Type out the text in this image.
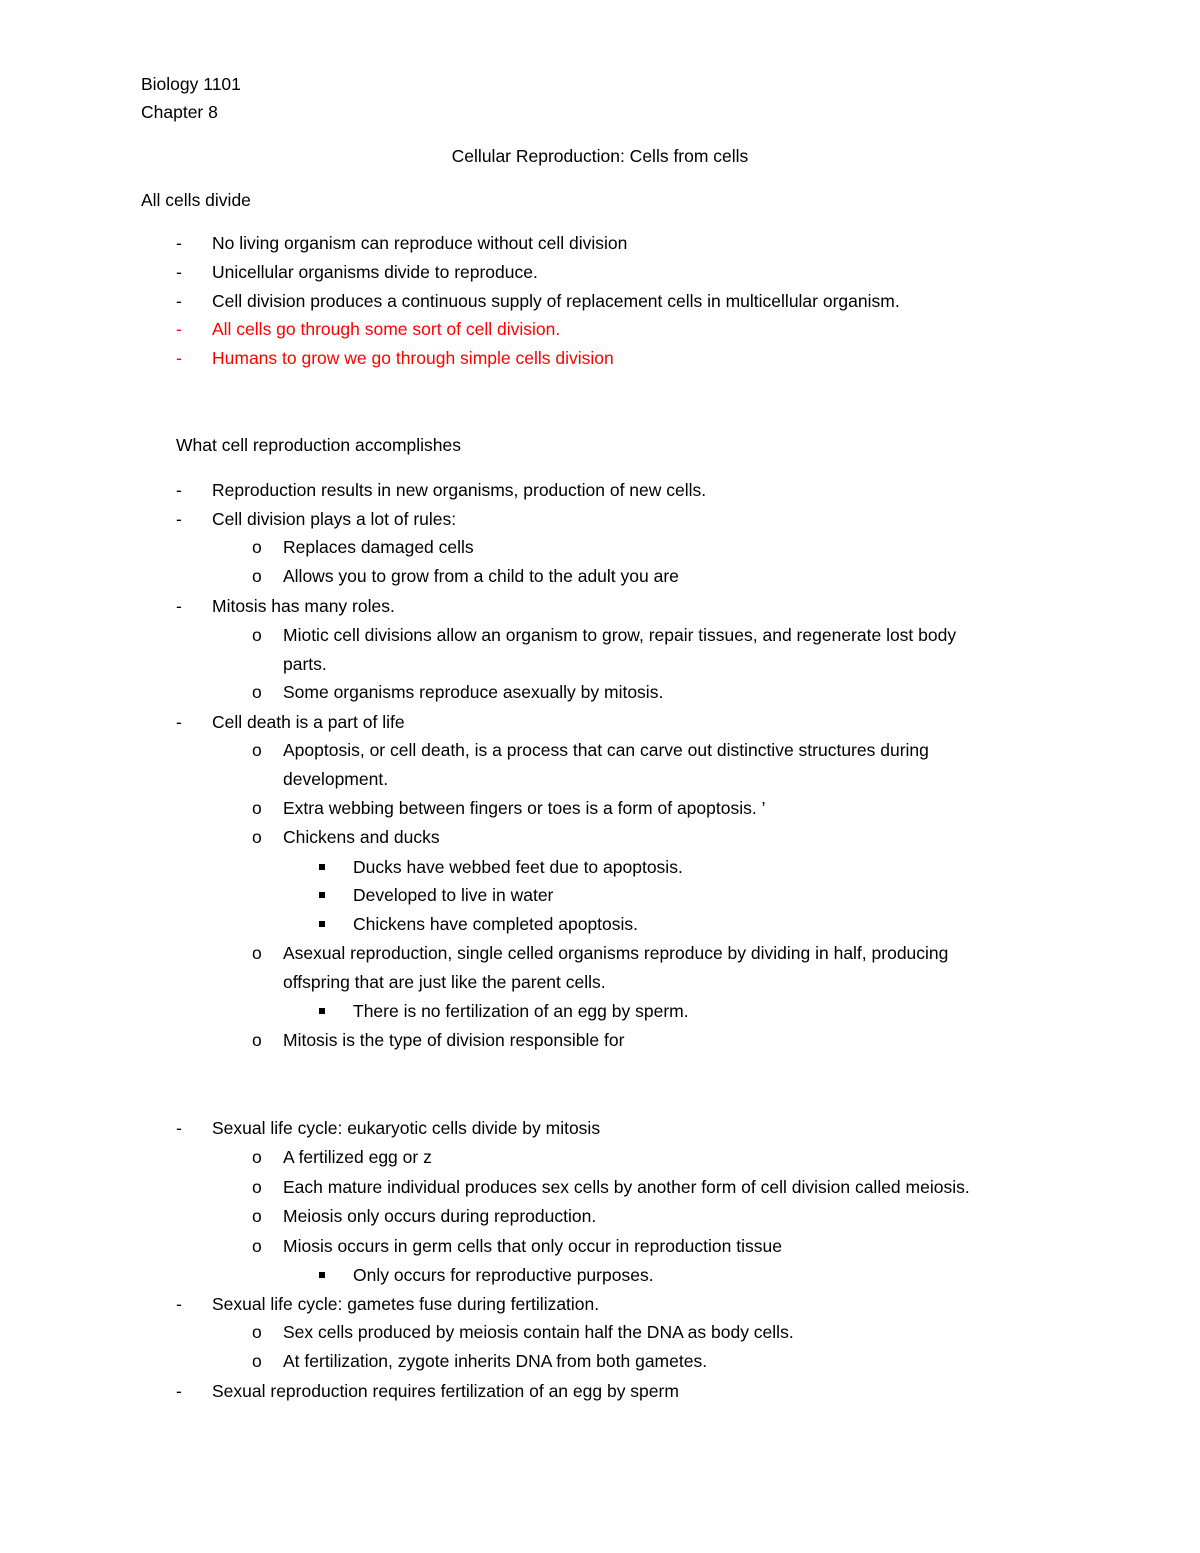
Biology 1101
Chapter 8
Cellular Reproduction: Cells from cells
All cells divide
- No living organism can reproduce without cell division
- Unicellular organisms divide to reproduce.
- Cell division produces a continuous supply of replacement cells in multicellular organism.
- All cells go through some sort of cell division.
- Humans to grow we go through simple cells division
What cell reproduction accomplishes
- Reproduction results in new organisms, production of new cells.
- Cell division plays a lot of rules:
o Replaces damaged cells
o Allows you to grow from a child to the adult you are
- Mitosis has many roles.
o Miotic cell divisions allow an organism to grow, repair tissues, and regenerate lost body
parts.
o Some organisms reproduce asexually by mitosis.
- Cell death is a part of life
o Apoptosis, or cell death, is a process that can carve out distinctive structures during
development.
o Extra webbing between fingers or toes is a form of apoptosis. ’
o Chickens and ducks
Ducks have webbed feet due to apoptosis.
Developed to live in water
Chickens have completed apoptosis.
o Asexual reproduction, single celled organisms reproduce by dividing in half, producing
offspring that are just like the parent cells.
There is no fertilization of an egg by sperm.
o Mitosis is the type of division responsible for
- Sexual life cycle: eukaryotic cells divide by mitosis
o A fertilized egg or z
o Each mature individual produces sex cells by another form of cell division called meiosis.
o Meiosis only occurs during reproduction.
o Miosis occurs in germ cells that only occur in reproduction tissue
Only occurs for reproductive purposes.
- Sexual life cycle: gametes fuse during fertilization.
o Sex cells produced by meiosis contain half the DNA as body cells.
o At fertilization, zygote inherits DNA from both gametes.
- Sexual reproduction requires fertilization of an egg by sperm
